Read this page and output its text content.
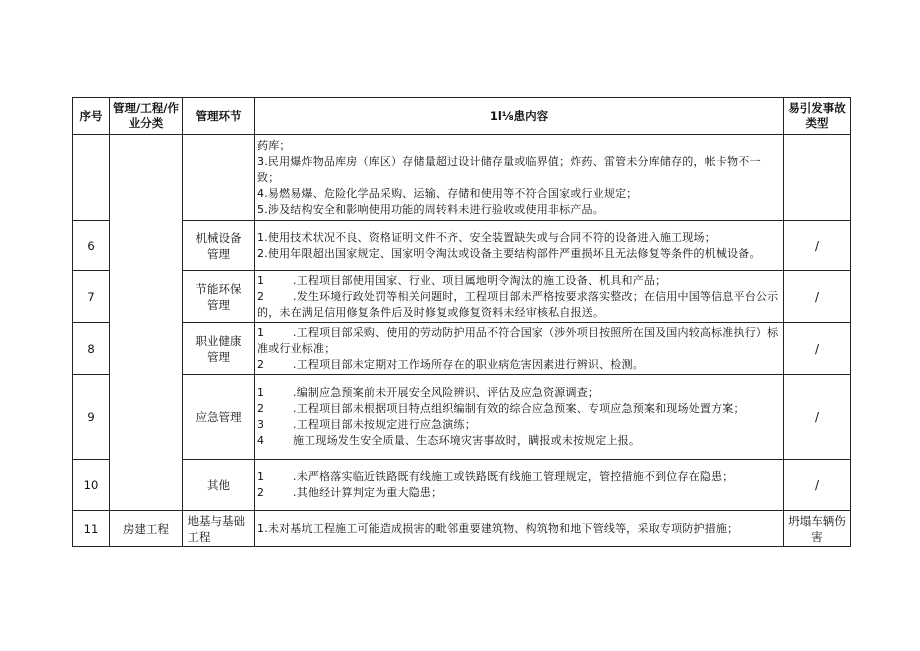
序号	管理/工程/作业分类	管理环节	1l⅛患内容	易引发事故类型

			药库；
3.民用爆炸物品库房（库区）存储量超过设计储存量或临界值；炸药、雷管未分库储存的，帐卡物不一致；
4.易燃易爆、危险化学品采购、运输、存储和使用等不符合国家或行业规定；
5.涉及结构安全和影响使用功能的周转料未进行验收或使用非标产品。	

6		机械设备管理	1.使用技术状况不良、资格证明文件不齐、安全装置缺失或与合同不符的设备进入施工现场；
2.使用年限超出国家规定、国家明令淘汰或设备主要结构部件严重损坏且无法修复等条件的机械设备。	/
7		节能环保管理	1 .工程项目部使用国家、行业、项目属地明令淘汰的施工设备、机具和产品；
2 .发生环境行政处罚等相关问题时，工程项目部未严格按要求落实整改；在信用中国等信息平台公示的，未在满足信用修复条件后及时修复或修复资料未经审核私自报送。	/
8		职业健康管理	1 .工程项目部采购、使用的劳动防护用品不符合国家（涉外项目按照所在国及国内较高标准执行）标准或行业标准；
2 .工程项目部未定期对工作场所存在的职业病危害因素进行辨识、检测。	/
9		应急管理	1 .编制应急预案前未开展安全风险辨识、评估及应急资源调查；
2 .工程项目部未根据项目特点组织编制有效的综合应急预案、专项应急预案和现场处置方案；
3 .工程项目部未按规定进行应急演练；
4 施工现场发生安全质量、生态环境灾害事故时，瞒报或未按规定上报。	/
10		其他	1 .未严格落实临近铁路既有线施工或铁路既有线施工管理规定，管控措施不到位存在隐患；
2 .其他经计算判定为重大隐患；	/
11	房建工程	地基与基础工程	1.未对基坑工程施工可能造成损害的毗邻重要建筑物、构筑物和地下管线等，采取专项防护措施；	坍塌车辆伤害
